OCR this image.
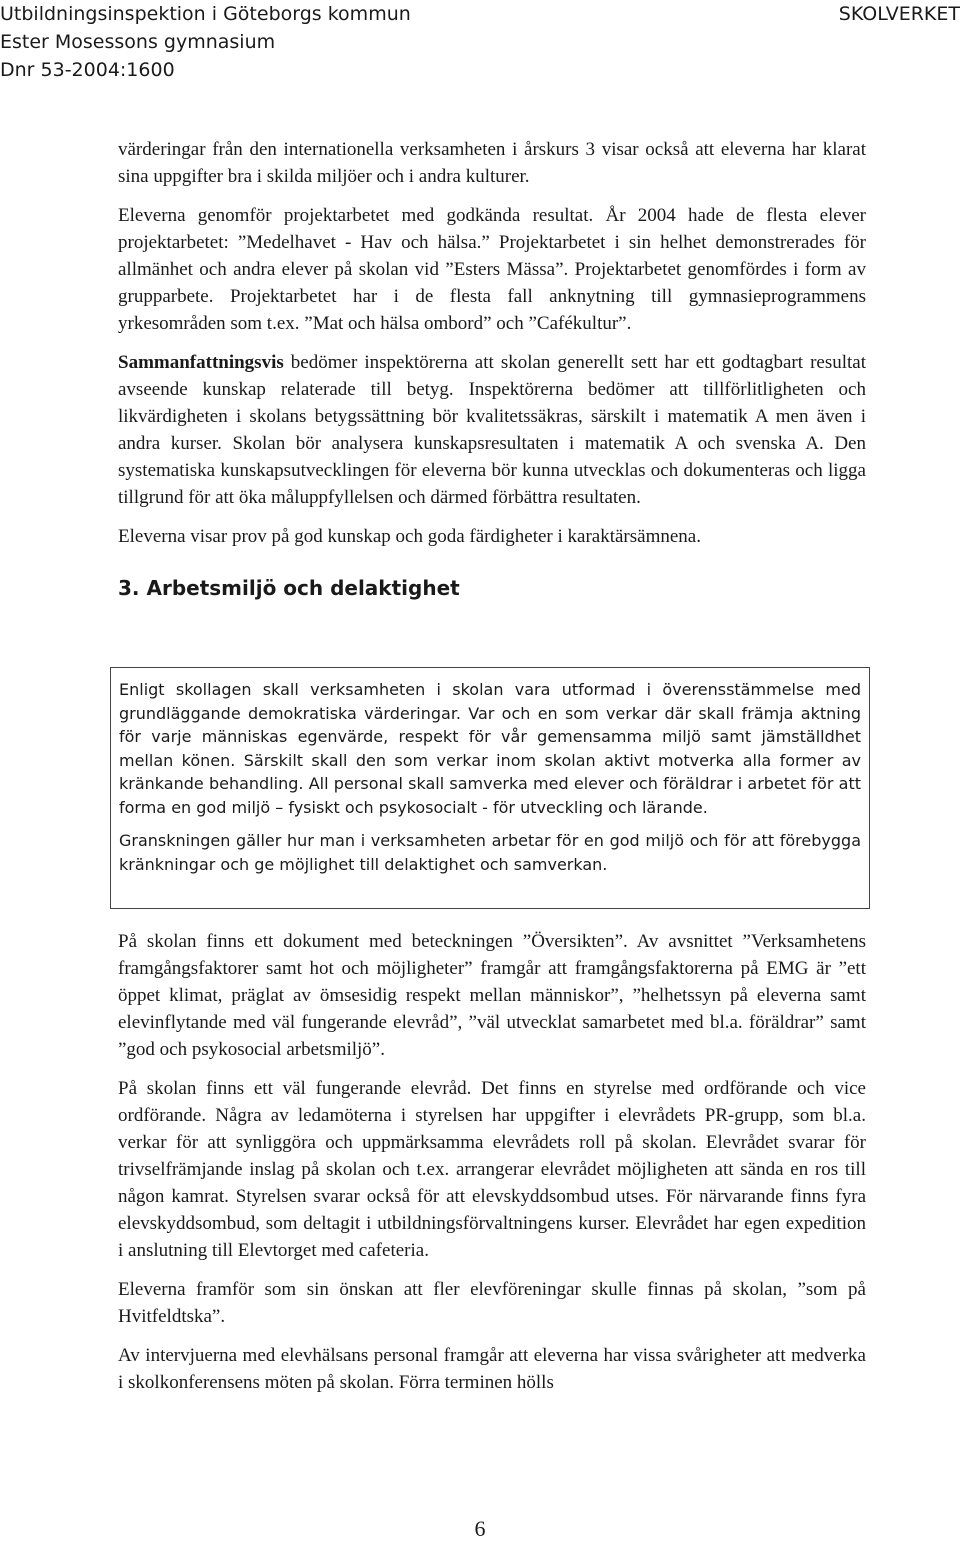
Utbildningsinspektion i Göteborgs kommun
Ester Mosessons gymnasium
Dnr 53-2004:1600
SKOLVERKET

värderingar från den internationella verksamheten i årskurs 3 visar också att eleverna har klarat sina uppgifter bra i skilda miljöer och i andra kulturer.

Eleverna genomför projektarbetet med godkända resultat. År 2004 hade de flesta elever projektarbetet: ”Medelhavet - Hav och hälsa.” Projektarbetet i sin helhet demonstrerades för allmänhet och andra elever på skolan vid ”Esters Mässa”. Projektarbetet genomfördes i form av grupparbete. Projektarbetet har i de flesta fall anknytning till gymnasieprogrammens yrkesområden som t.ex. ”Mat och hälsa ombord” och ”Cafékultur”.

Sammanfattningsvis bedömer inspektörerna att skolan generellt sett har ett godtagbart resultat avseende kunskap relaterade till betyg. Inspektörerna bedömer att tillförlitligheten och likvärdigheten i skolans betygssättning bör kvalitetssäkras, särskilt i matematik A men även i andra kurser. Skolan bör analysera kunskapsresultaten i matematik A och svenska A. Den systematiska kunskapsutvecklingen för eleverna bör kunna utvecklas och dokumenteras och ligga tillgrund för att öka måluppfyllelsen och därmed förbättra resultaten.

Eleverna visar prov på god kunskap och goda färdigheter i karaktärsämnena.

3. Arbetsmiljö och delaktighet

Enligt skollagen skall verksamheten i skolan vara utformad i överensstämmelse med grundläggande demokratiska värderingar. Var och en som verkar där skall främja aktning för varje människas egenvärde, respekt för vår gemensamma miljö samt jämställdhet mellan könen. Särskilt skall den som verkar inom skolan aktivt motverka alla former av kränkande behandling. All personal skall samverka med elever och föräldrar i arbetet för att forma en god miljö – fysiskt och psykosocialt - för utveckling och lärande.

Granskningen gäller hur man i verksamheten arbetar för en god miljö och för att förebygga kränkningar och ge möjlighet till delaktighet och samverkan.

På skolan finns ett dokument med beteckningen ”Översikten”. Av avsnittet ”Verksamhetens framgångsfaktorer samt hot och möjligheter” framgår att framgångsfaktorerna på EMG är ”ett öppet klimat, präglat av ömsesidig respekt mellan människor”, ”helhetssyn på eleverna samt elevinflytande med väl fungerande elevråd”, ”väl utvecklat samarbetet med bl.a. föräldrar” samt ”god och psykosocial arbetsmiljö”.

På skolan finns ett väl fungerande elevråd. Det finns en styrelse med ordförande och vice ordförande. Några av ledamöterna i styrelsen har uppgifter i elevrådets PR-grupp, som bl.a. verkar för att synliggöra och uppmärksamma elevrådets roll på skolan. Elevrådet svarar för trivselfrämjande inslag på skolan och t.ex. arrangerar elevrådet möjligheten att sända en ros till någon kamrat. Styrelsen svarar också för att elevskyddsombud utses. För närvarande finns fyra elevskyddsombud, som deltagit i utbildningsförvaltningens kurser. Elevrådet har egen expedition i anslutning till Elevtorget med cafeteria.

Eleverna framför som sin önskan att fler elevföreningar skulle finnas på skolan, ”som på Hvitfeldtska”.

Av intervjuerna med elevhälsans personal framgår att eleverna har vissa svårigheter att medverka i skolkonferensens möten på skolan. Förra terminen hölls

6
